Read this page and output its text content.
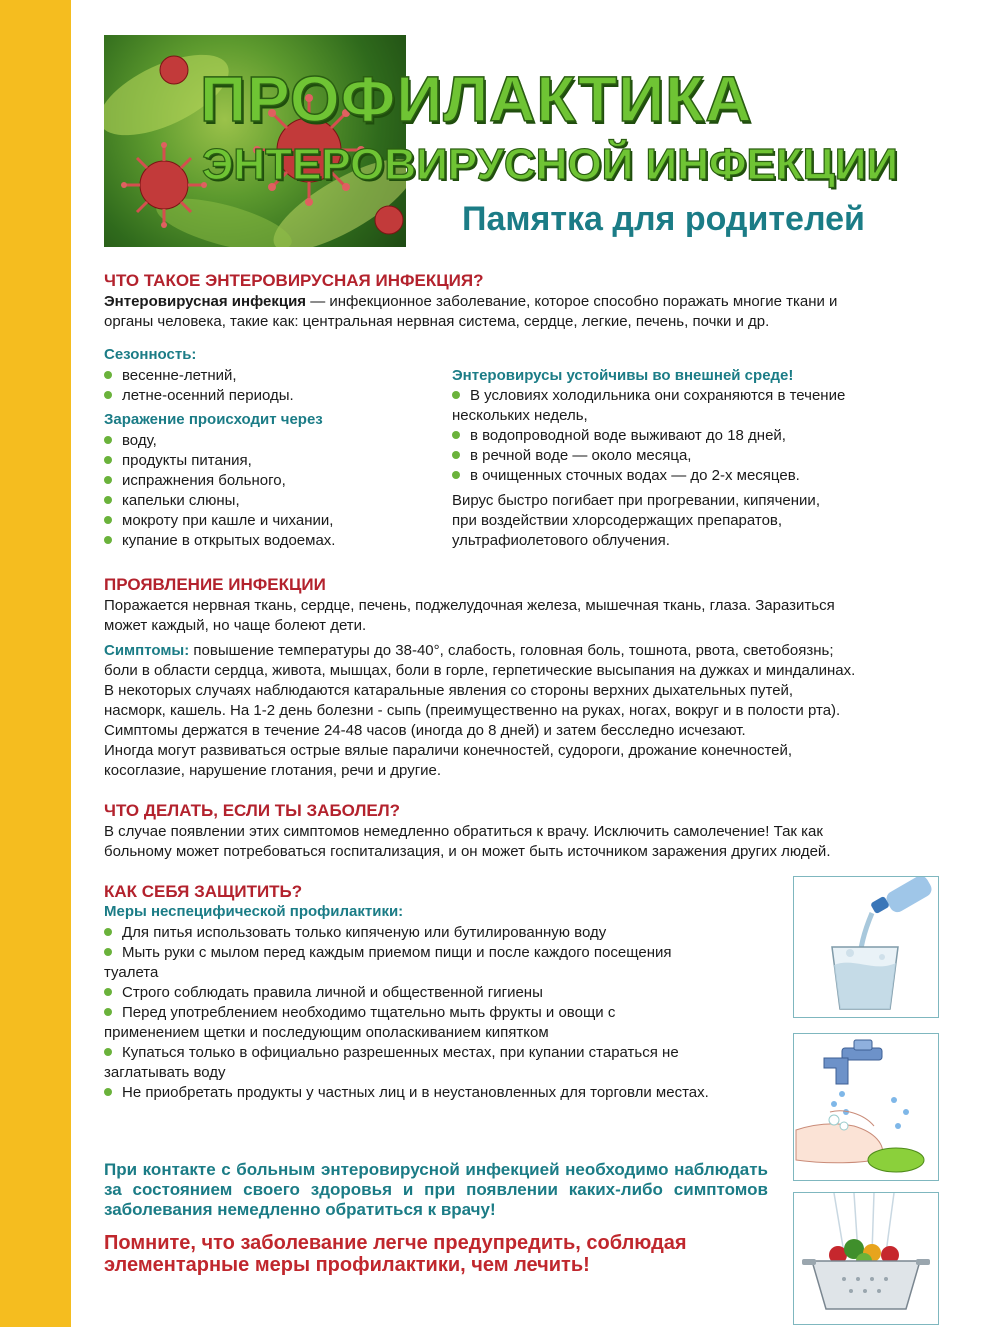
ПРОФИЛАКТИКА
ЭНТЕРОВИРУСНОЙ ИНФЕКЦИИ
Памятка для родителей
ЧТО ТАКОЕ ЭНТЕРОВИРУСНАЯ ИНФЕКЦИЯ?
Энтеровирусная инфекция — инфекционное заболевание, которое способно поражать многие ткани и
органы человека, такие как: центральная нервная система, сердце, легкие, печень, почки и др.
Сезонность:
весенне-летний,
летне-осенний периоды.
Заражение происходит через
воду,
продукты питания,
испражнения больного,
капельки слюны,
мокроту при кашле и чихании,
купание в открытых водоемах.
Энтеровирусы устойчивы во внешней среде!
В условиях холодильника они сохраняются в течение
нескольких недель,
в водопроводной воде выживают до 18 дней,
в речной воде — около месяца,
в очищенных сточных водах — до 2-х месяцев.
Вирус быстро погибает при прогревании, кипячении,
при воздействии хлорсодержащих препаратов,
ультрафиолетового облучения.
ПРОЯВЛЕНИЕ ИНФЕКЦИИ
Поражается нервная ткань, сердце, печень, поджелудочная железа, мышечная ткань, глаза. Заразиться
может каждый, но чаще болеют дети.
Симптомы: повышение температуры до 38-40°, слабость, головная боль, тошнота, рвота, светобоязнь;
боли в области сердца, живота, мышцах, боли в горле, герпетические высыпания на дужках и миндалинах.
В некоторых случаях наблюдаются катаральные явления со стороны верхних дыхательных путей,
насморк, кашель. На 1-2 день болезни - сыпь (преимущественно на руках, ногах, вокруг и в полости рта).
Симптомы держатся в течение 24-48 часов (иногда до 8 дней) и затем бесследно исчезают.
Иногда могут развиваться острые вялые параличи конечностей, судороги, дрожание конечностей,
косоглазие, нарушение глотания, речи и другие.
ЧТО ДЕЛАТЬ, ЕСЛИ ТЫ ЗАБОЛЕЛ?
В случае появлении этих симптомов немедленно обратиться к врачу. Исключить самолечение! Так как
больному может потребоваться госпитализация, и он может быть источником заражения других людей.
КАК СЕБЯ ЗАЩИТИТЬ?
Меры неспецифической профилактики:
Для питья использовать только кипяченую или бутилированную воду
Мыть руки с мылом перед каждым приемом пищи и после каждого посещения
туалета
Строго соблюдать правила личной и общественной гигиены
Перед употреблением необходимо тщательно мыть фрукты и овощи с
применением щетки и последующим ополаскиванием кипятком
Купаться только в официально разрешенных местах, при купании стараться не
заглатывать воду
Не приобретать продукты у частных лиц и в неустановленных для торговли местах.
При контакте с больным энтеровирусной инфекцией необходимо наблюдать за состоянием своего здоровья и при появлении каких-либо симптомов заболевания немедленно обратиться к врачу!
Помните, что заболевание легче предупредить, соблюдая элементарные меры профилактики, чем лечить!
